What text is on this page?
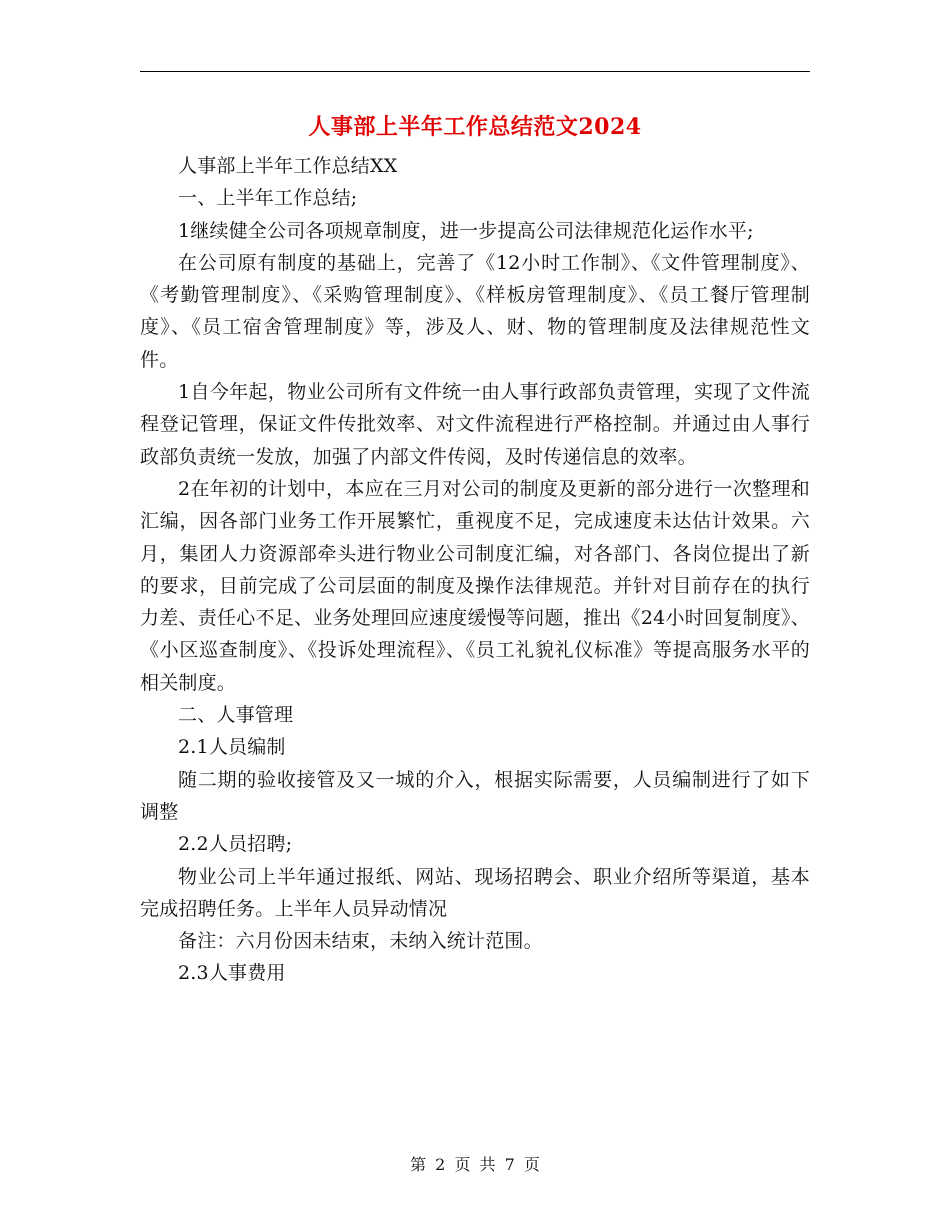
人事部上半年工作总结范文2024

人事部上半年工作总结XX

一、上半年工作总结;

1继续健全公司各项规章制度，进一步提高公司法律规范化运作水平;

在公司原有制度的基础上，完善了《12小时工作制》、《文件管理制度》、《考勤管理制度》、《采购管理制度》、《样板房管理制度》、《员工餐厅管理制度》、《员工宿舍管理制度》等，涉及人、财、物的管理制度及法律规范性文件。

1自今年起，物业公司所有文件统一由人事行政部负责管理，实现了文件流程登记管理，保证文件传批效率、对文件流程进行严格控制。并通过由人事行政部负责统一发放，加强了内部文件传阅，及时传递信息的效率。

2在年初的计划中，本应在三月对公司的制度及更新的部分进行一次整理和汇编，因各部门业务工作开展繁忙，重视度不足，完成速度未达估计效果。六月，集团人力资源部牵头进行物业公司制度汇编，对各部门、各岗位提出了新的要求，目前完成了公司层面的制度及操作法律规范。并针对目前存在的执行力差、责任心不足、业务处理回应速度缓慢等问题，推出《24小时回复制度》、《小区巡查制度》、《投诉处理流程》、《员工礼貌礼仪标准》等提高服务水平的相关制度。

二、人事管理

2.1人员编制

随二期的验收接管及又一城的介入，根据实际需要，人员编制进行了如下调整

2.2人员招聘;

物业公司上半年通过报纸、网站、现场招聘会、职业介绍所等渠道，基本完成招聘任务。上半年人员异动情况

备注：六月份因未结束，未纳入统计范围。

2.3人事费用

第 2 页 共 7 页
